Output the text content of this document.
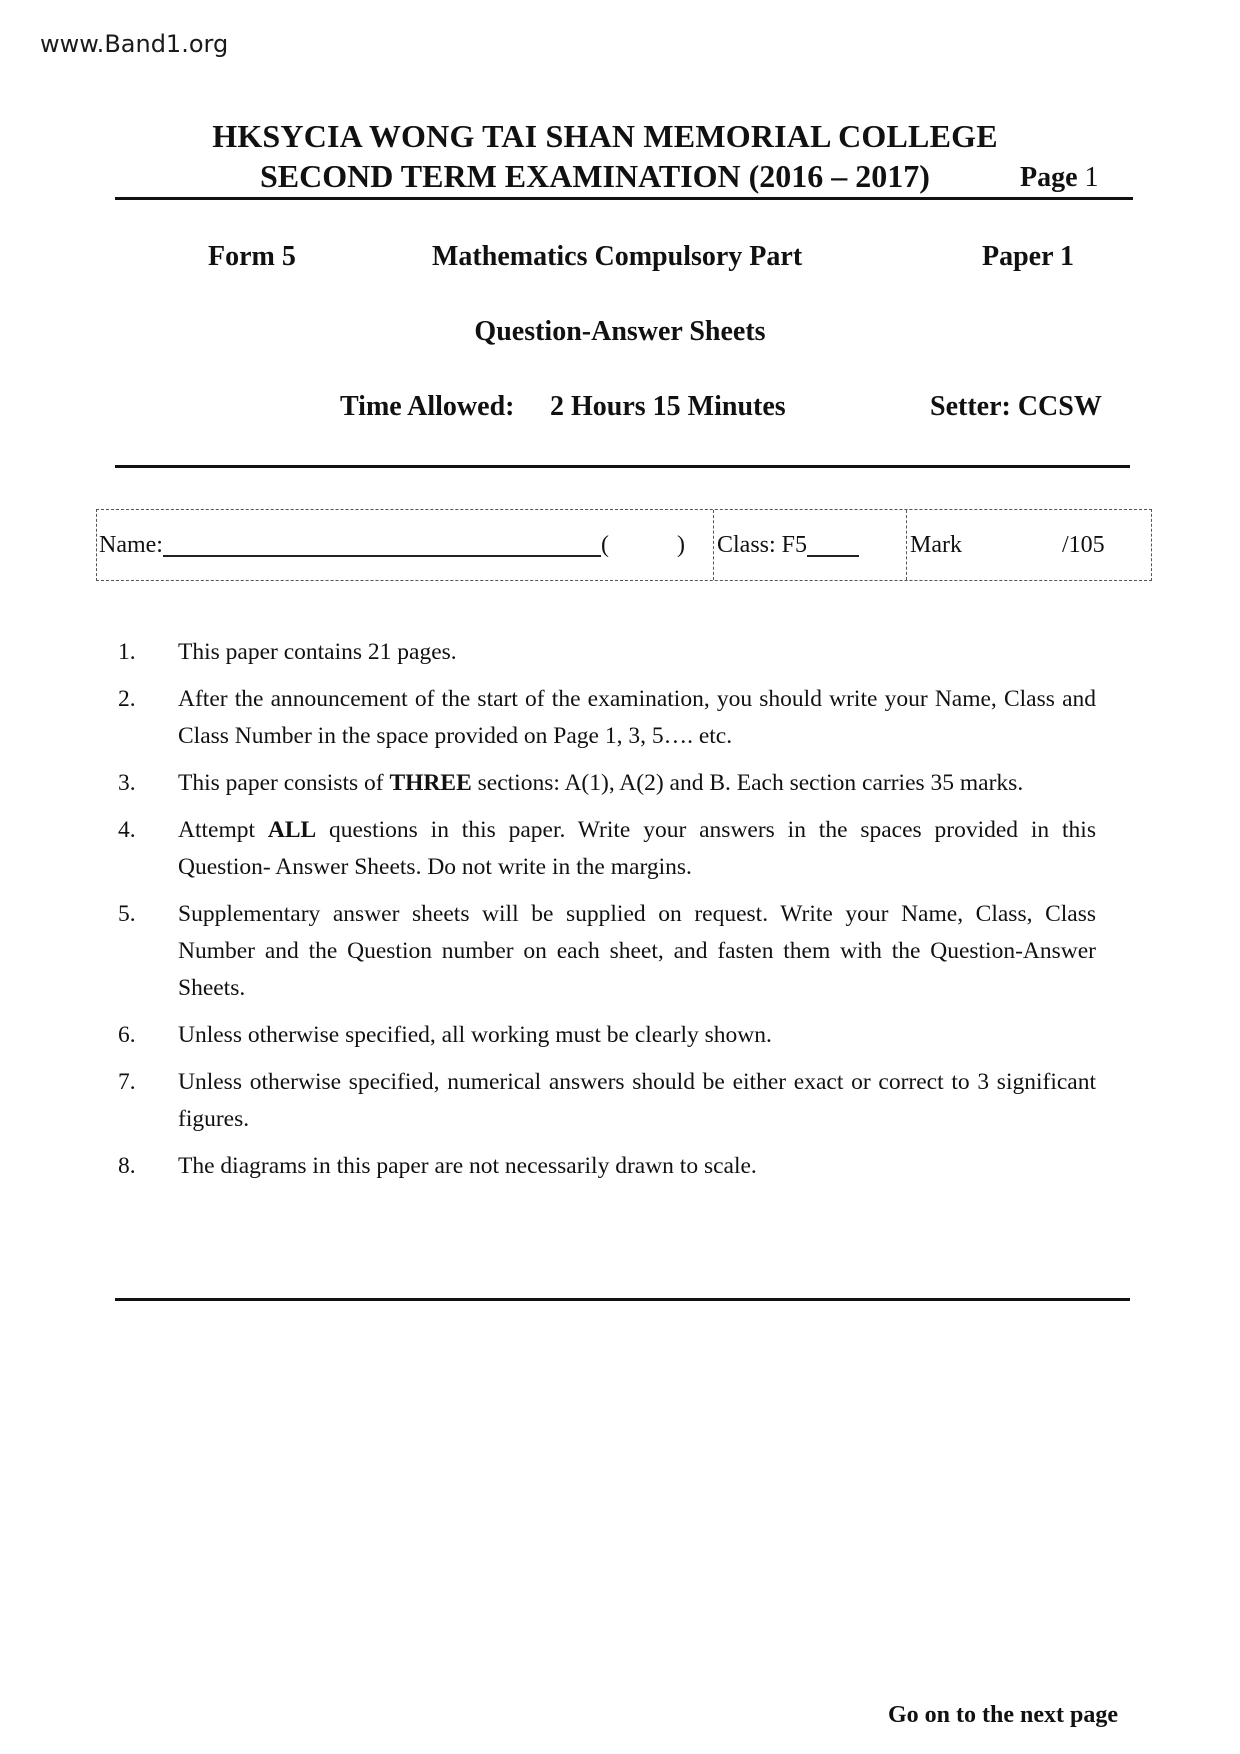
www.Band1.org
HKSYCIA WONG TAI SHAN MEMORIAL COLLEGE
SECOND TERM EXAMINATION (2016 – 2017)	Page 1
Form 5	Mathematics Compulsory Part	Paper 1
Question-Answer Sheets
Time Allowed: 2 Hours 15 Minutes	Setter: CCSW
Name:	(	) Class: F5	Mark	/105
1.	This paper contains 21 pages.
2.	After the announcement of the start of the examination, you should write your Name, Class and Class Number in the space provided on Page 1, 3, 5…. etc.
3.	This paper consists of THREE sections: A(1), A(2) and B. Each section carries 35 marks.
4.	Attempt ALL questions in this paper. Write your answers in the spaces provided in this Question- Answer Sheets. Do not write in the margins.
5.	Supplementary answer sheets will be supplied on request. Write your Name, Class, Class Number and the Question number on each sheet, and fasten them with the Question-Answer Sheets.
6.	Unless otherwise specified, all working must be clearly shown.
7.	Unless otherwise specified, numerical answers should be either exact or correct to 3 significant figures.
8.	The diagrams in this paper are not necessarily drawn to scale.
Go on to the next page
